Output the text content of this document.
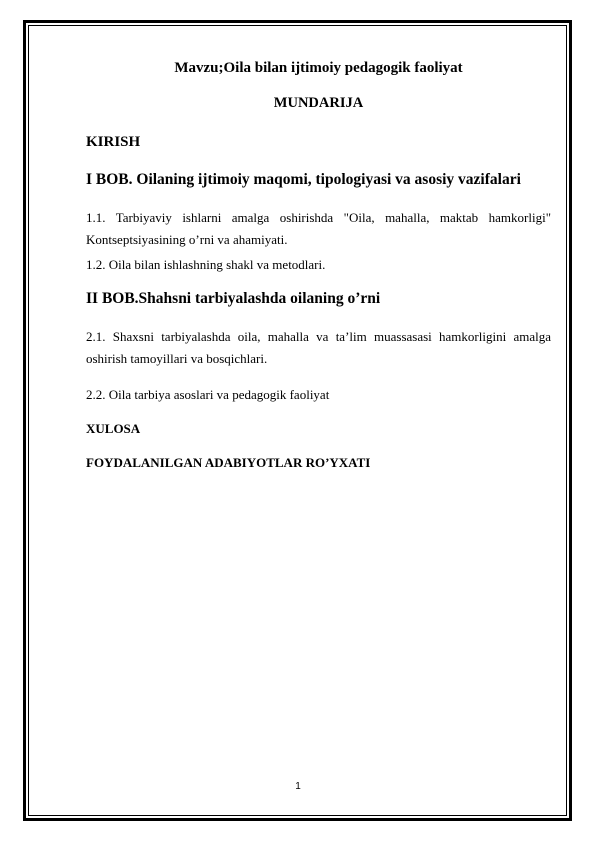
Mavzu;Oila bilan ijtimoiy pedagogik faoliyat
MUNDARIJA
KIRISH
I BOB. Oilaning ijtimoiy maqomi, tipologiyasi va asosiy vazifalari
1.1. Tarbiyaviy ishlarni amalga oshirishda "Oila, mahalla, maktab hamkorligi" Kontseptsiyasining o’rni va ahamiyati.
1.2. Oila bilan ishlashning shakl va metodlari.
II BOB.Shahsni tarbiyalashda oilaning o’rni
2.1. Shaxsni tarbiyalashda oila, mahalla va ta’lim muassasasi hamkorligini amalga oshirish tamoyillari va bosqichlari.
2.2. Oila tarbiya asoslari va pedagogik faoliyat
XULOSA
FOYDALANILGAN ADABIYOTLAR RO’YXATI
1
